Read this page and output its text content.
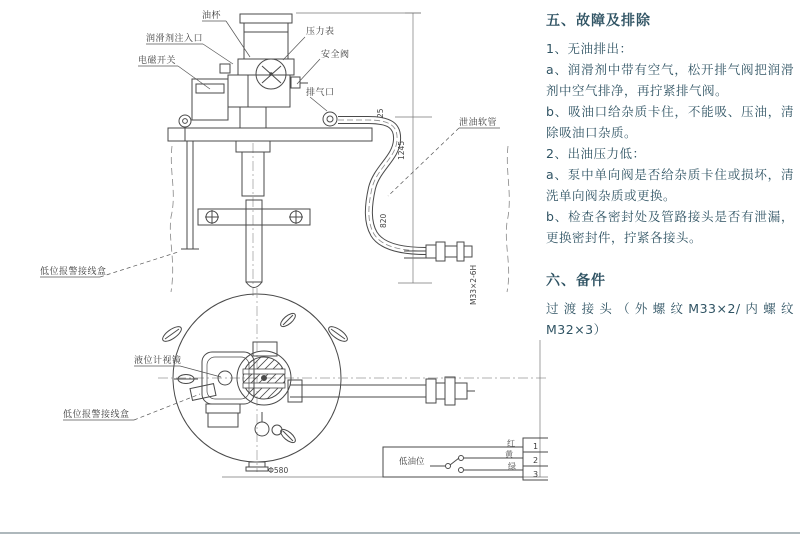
25
1245
820
M33×2-6H
油杯
润滑剂注入口
电磁开关
压力表
安全阀
排气口
泄油软管
低位报警接线盒
液位计视镜
低位报警接线盒
Φ580
低油位
红
黄
绿
1
2
3
五、故障及排除

1、无油排出：

a、润滑剂中带有空气，松开排气阀把润滑剂中空气排净，再拧紧排气阀。

b、吸油口给杂质卡住，不能吸、压油，清除吸油口杂质。

2、出油压力低：

a、泵中单向阀是否给杂质卡住或损坏，清洗单向阀杂质或更换。

b、检查各密封处及管路接头是否有泄漏，更换密封件，拧紧各接头。

六、备件

过渡接头（外螺纹M33×2/内螺纹M32×3）
